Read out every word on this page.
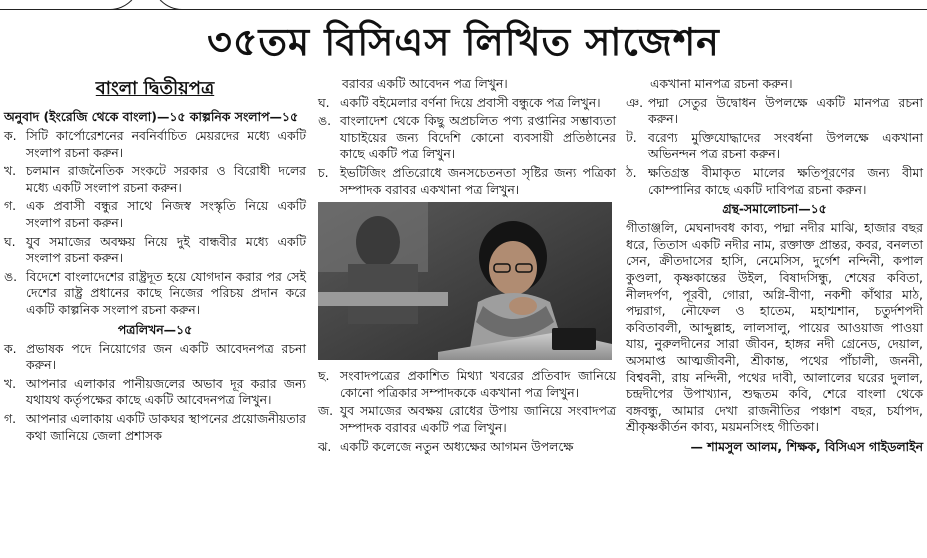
৩৫তম বিসিএস লিখিত সাজেশন
বাংলা দ্বিতীয়পত্র
অনুবাদ (ইংরেজি থেকে বাংলা)—১৫ কাল্পনিক সংলাপ—১৫
ক. সিটি কার্পোরেশনের নবনির্বাচিত মেয়রদের মধ্যে একটি সংলাপ রচনা করুন।
খ. চলমান রাজনৈতিক সংকটে সরকার ও বিরোধী দলের মধ্যে একটি সংলাপ রচনা করুন।
গ. এক প্রবাসী বন্ধুর সাথে নিজস্ব সংস্কৃতি নিয়ে একটি সংলাপ রচনা করুন।
ঘ. যুব সমাজের অবক্ষয় নিয়ে দুই বান্ধবীর মধ্যে একটি সংলাপ রচনা করুন।
ঙ. বিদেশে বাংলাদেশের রাষ্ট্রদূত হয়ে যোগদান করার পর সেই দেশের রাষ্ট্র প্রধানের কাছে নিজের পরিচয় প্রদান করে একটি কাল্পনিক সংলাপ রচনা করুন।
পত্রলিখন—১৫
ক. প্রভাষক পদে নিয়োগের জন একটি আবেদনপত্র রচনা করুন।
খ. আপনার এলাকার পানীয়জলের অভাব দূর করার জন্য যথাযথ কর্তৃপক্ষের কাছে একটি আবেদনপত্র লিখুন।
গ. আপনার এলাকায় একটি ডাকঘর স্থাপনের প্রয়োজনীয়তার কথা জানিয়ে জেলা প্রশাসক
বরাবর একটি আবেদন পত্র লিখুন।
ঘ. একটি বইমেলার বর্ণনা দিয়ে প্রবাসী বন্ধুকে পত্র লিখুন।
ঙ. বাংলাদেশ থেকে কিছু অপ্রচলিত পণ্য রপ্তানির সম্ভাব্যতা যাচাইয়ের জন্য বিদেশি কোনো ব্যবসায়ী প্রতিষ্ঠানের কাছে একটি পত্র লিখুন।
চ. ইভটিজিং প্রতিরোধে জনসচেতনতা সৃষ্টির জন্য পত্রিকা সম্পাদক বরাবর একখানা পত্র লিখুন।
ছ. সংবাদপত্রের প্রকাশিত মিথ্যা খবরের প্রতিবাদ জানিয়ে কোনো পত্রিকার সম্পাদককে একখানা পত্র লিখুন।
জ. যুব সমাজের অবক্ষয় রোধের উপায় জানিয়ে সংবাদপত্র সম্পাদক বরাবর একটি পত্র লিখুন।
ঝ. একটি কলেজে নতুন অধ্যক্ষের আগমন উপলক্ষে
একখানা মানপত্র রচনা করুন।
ঞ. পদ্মা সেতুর উদ্বোধন উপলক্ষে একটি মানপত্র রচনা করুন।
ট. বরেণ্য মুক্তিযোদ্ধাদের সংবর্ধনা উপলক্ষে একখানা অভিনন্দন পত্র রচনা করুন।
ঠ. ক্ষতিগ্রস্ত বীমাকৃত মালের ক্ষতিপূরণের জন্য বীমা কোম্পানির কাছে একটি দাবিপত্র রচনা করুন।
গ্রন্থ-সমালোচনা—১৫
গীতাঞ্জলি, মেঘনাদবধ কাব্য, পদ্মা নদীর মাঝি, হাজার বছর ধরে, তিতাস একটি নদীর নাম, রক্তাক্ত প্রান্তর, কবর, বনলতা সেন, ক্রীতদাসের হাসি, নেমেসিস, দুর্গেশ নন্দিনী, কপাল কুণ্ডলা, কৃষ্ণকান্তের উইল, বিষাদসিন্ধু, শেষের কবিতা, নীলদর্পণ, পূরবী, গোরা, অগ্নি-বীণা, নকশী কাঁথার মাঠ, পদ্মরাগ, নৌফেল ও হাতেম, মহাশ্মশান, চতুর্দশপদী কবিতাবলী, আব্দুল্লাহ, লালসালু, পায়ের আওয়াজ পাওয়া যায়, নুরুলদীনের সারা জীবন, হাঙ্গর নদী গ্রেনেড, দেয়াল, অসমাপ্ত আত্মজীবনী, শ্রীকান্ত, পথের পাঁচালী, জননী, বিশ্ববনী, রায় নন্দিনী, পথের দাবী, আলালের ঘরের দুলাল, চন্দ্রদীপের উপাখ্যান, শুদ্ধতম কবি, শেরে বাংলা থেকে বঙ্গবন্ধু, আমার দেখা রাজনীতির পঞ্চাশ বছর, চর্যাপদ, শ্রীকৃষ্ণকীর্তন কাব্য, ময়মনসিংহ গীতিকা।
— শামসুল আলম, শিক্ষক, বিসিএস গাইডলাইন
